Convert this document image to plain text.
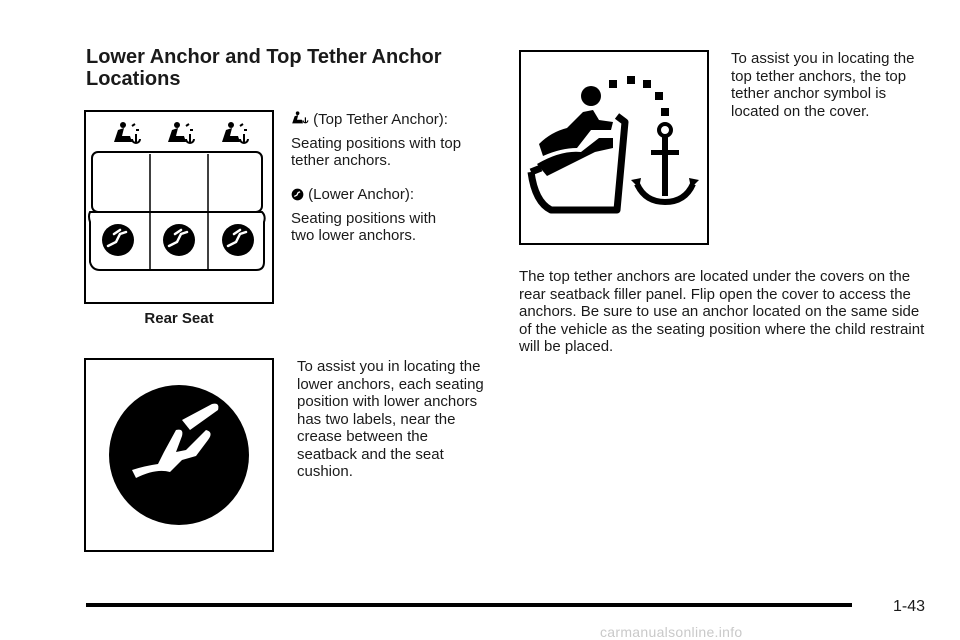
Lower Anchor and Top Tether Anchor Locations
Rear Seat

(Top Tether Anchor):

Seating positions with top tether anchors.

(Lower Anchor):

Seating positions with two lower anchors.

To assist you in locating the lower anchors, each seating position with lower anchors has two labels, near the crease between the seatback and the seat cushion.

To assist you in locating the top tether anchors, the top tether anchor symbol is located on the cover.

The top tether anchors are located under the covers on the rear seatback filler panel. Flip open the cover to access the anchors. Be sure to use an anchor located on the same side of the vehicle as the seating position where the child restraint will be placed.

1-43
carmanualsonline.info
